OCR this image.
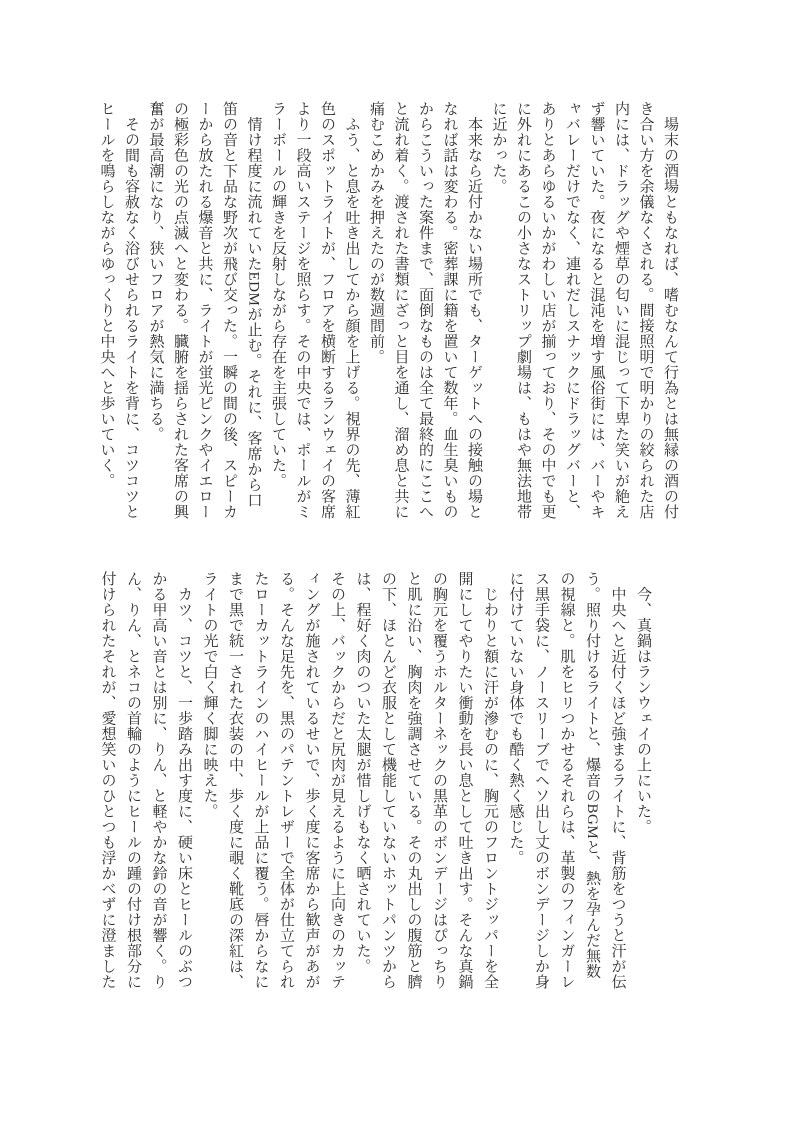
　場末の酒場ともなれば、嗜むなんて行為とは無縁の酒の付
き合い方を余儀なくされる。間接照明で明かりの絞られた店
内には、ドラッグや煙草の匂いに混じって下卑た笑いが絶え
ず響いていた。夜になると混沌を増す風俗街には、バーやキ
ャバレーだけでなく、連れだしスナックにドラッグバーと、
ありとあらゆるいかがわしい店が揃っており、その中でも更
に外れにあるこの小さなストリップ劇場は、もはや無法地帯
に近かった。
　本来なら近付かない場所でも、ターゲットへの接触の場と
なれば話は変わる。密葬課に籍を置いて数年。血生臭いもの
からこういった案件まで、面倒なものは全て最終的にここへ
と流れ着く。渡された書類にざっと目を通し、溜め息と共に
痛むこめかみを押えたのが数週間前。
　ふう、と息を吐き出してから顔を上げる。視界の先、薄紅
色のスポットライトが、フロアを横断するランウェイの客席
より一段高いステージを照らす。その中央では、ポールがミ
ラーボールの輝きを反射しながら存在を主張していた。
　情け程度に流れていたEDMが止む。それに、客席から口
笛の音と下品な野次が飛び交った。一瞬の間の後、スピーカ
ーから放たれる爆音と共に、ライトが蛍光ピンクやイエロー
の極彩色の光の点滅へと変わる。臓腑を揺らされた客席の興
奮が最高潮になり、狭いフロアが熱気に満ちる。
　その間も容赦なく浴びせられるライトを背に、コツコツと
ヒールを鳴らしながらゆっくりと中央へと歩いていく。
　今、真鍋はランウェイの上にいた。
　中央へと近付くほど強まるライトに、背筋をつうと汗が伝
う。照り付けるライトと、爆音のBGMと、熱を孕んだ無数
の視線と。肌をヒリつかせるそれらは、革製のフィンガーレ
ス黒手袋に、ノースリーブでヘソ出し丈のボンデージしか身
に付けていない身体でも酷く熱く感じた。
　じわりと額に汗が滲むのに、胸元のフロントジッパーを全
開にしてやりたい衝動を長い息として吐き出す。そんな真鍋
の胸元を覆うホルターネックの黒革のボンデージはぴっちり
と肌に沿い、胸肉を強調させている。その丸出しの腹筋と臍
の下、ほとんど衣服として機能していないホットパンツから
は、程好く肉のついた太腿が惜しげもなく晒されていた。
その上、バックからだと尻肉が見えるように上向きのカッテ
ィングが施されているせいで、歩く度に客席から歓声があが
る。そんな足先を、黒のパテントレザーで全体が仕立てられ
たローカットラインのハイヒールが上品に覆う。唇からなに
まで黒で統一された衣装の中、歩く度に覗く靴底の深紅は、
ライトの光で白く輝く脚に映えた。
　カツ、コツと、一歩踏み出す度に、硬い床とヒールのぶつ
かる甲高い音とは別に、りん、と軽やかな鈴の音が響く。り
ん、りん、とネコの首輪のようにヒールの踵の付け根部分に
付けられたそれが、愛想笑いのひとつも浮かべずに澄ました
